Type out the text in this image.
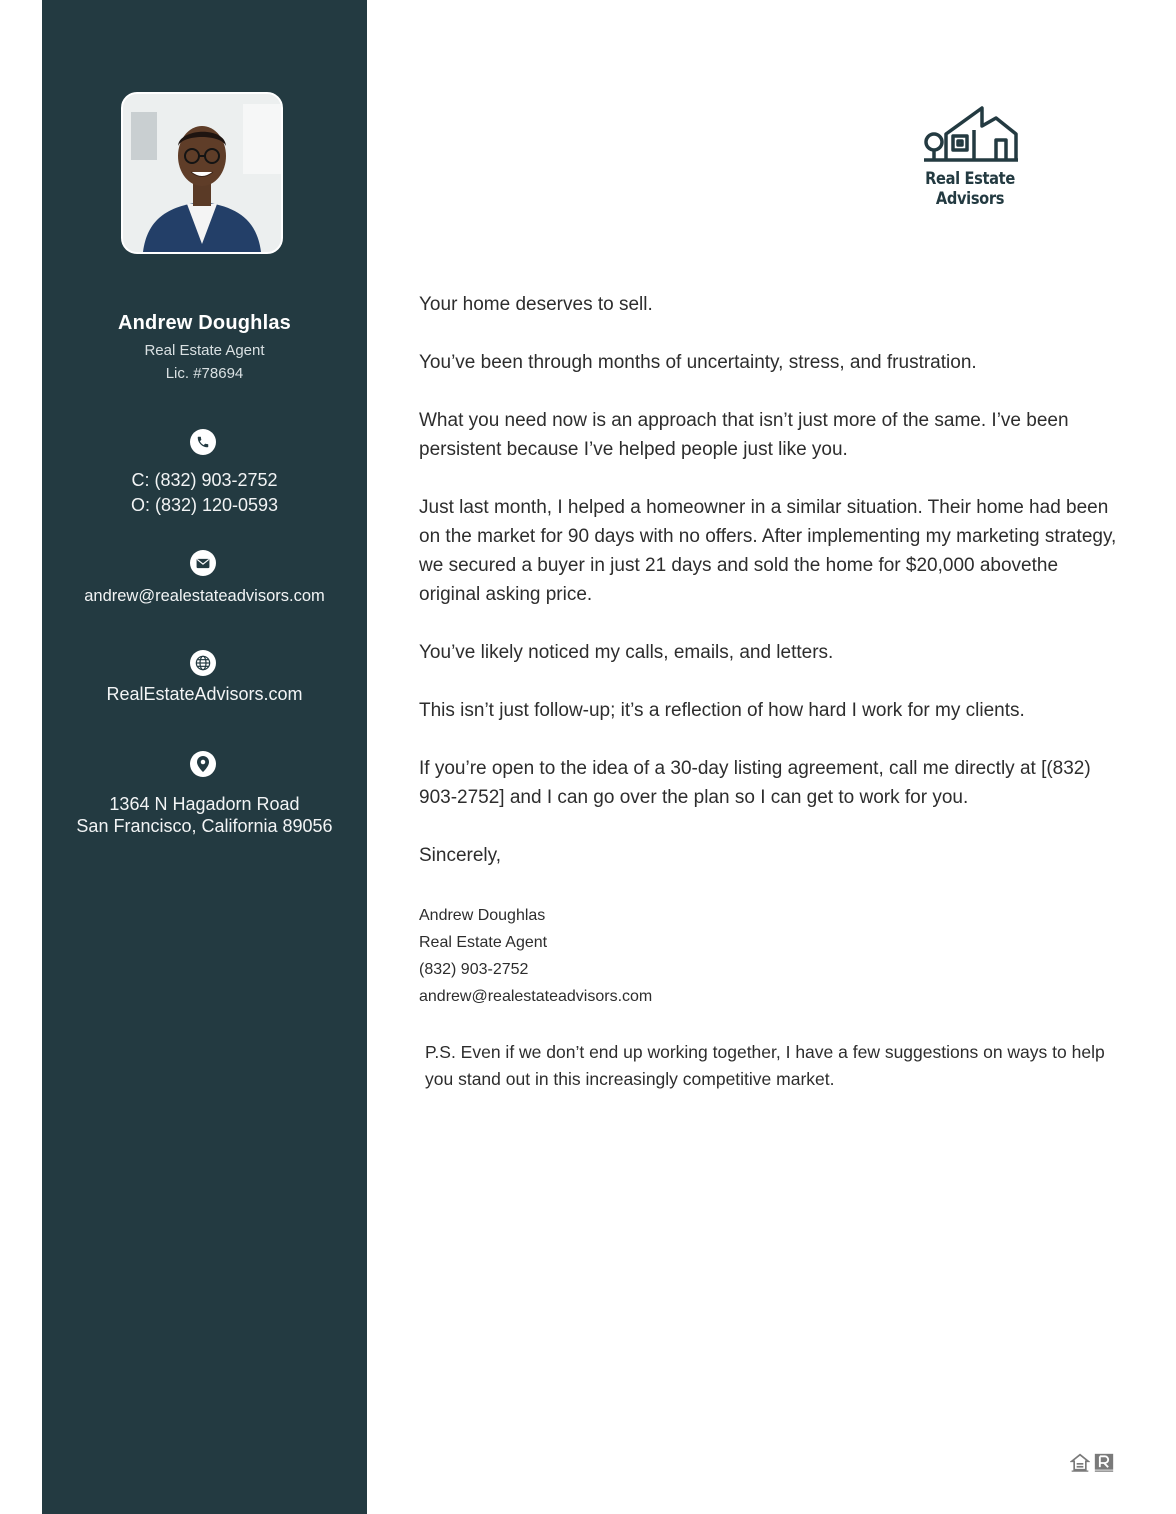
Andrew Doughlas
Real Estate Agent
Lic. #78694
C: (832) 903-2752
O: (832) 120-0593
andrew@realestateadvisors.com
RealEstateAdvisors.com
1364 N Hagadorn Road
San Francisco, California 89056
Real Estate Advisors

Your home deserves to sell.

You’ve been through months of uncertainty, stress, and frustration.

What you need now is an approach that isn’t just more of the same. I’ve been persistent because I’ve helped people just like you.

Just last month, I helped a homeowner in a similar situation. Their home had been on the market for 90 days with no offers. After implementing my marketing strategy, we secured a buyer in just 21 days and sold the home for $20,000 abovethe original asking price.

You’ve likely noticed my calls, emails, and letters.

This isn’t just follow-up; it’s a reflection of how hard I work for my clients.

If you’re open to the idea of a 30-day listing agreement, call me directly at [(832) 903-2752] and I can go over the plan so I can get to work for you.

Sincerely,

Andrew Doughlas
Real Estate Agent
(832) 903-2752
andrew@realestateadvisors.com
P.S. Even if we don’t end up working together, I have a few suggestions on ways to help you stand out in this increasingly competitive market.
